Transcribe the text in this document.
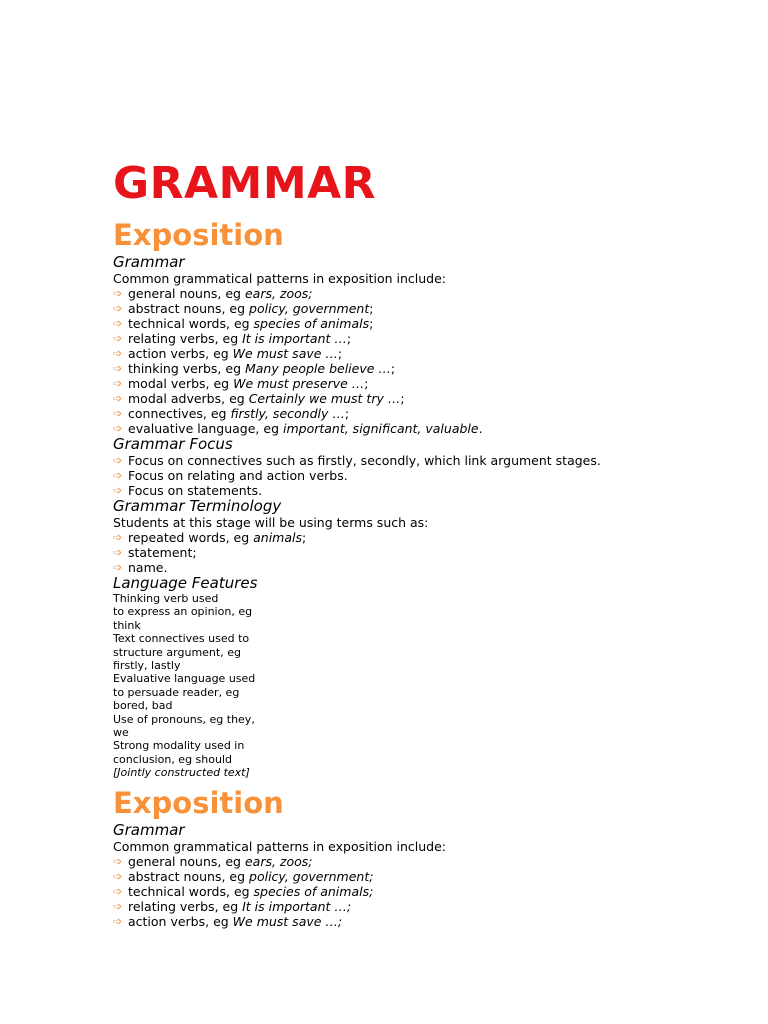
GRAMMAR
Exposition
Grammar

Common grammatical patterns in exposition include:

➩ general nouns, eg ears, zoos;
➩ abstract nouns, eg policy, government;
➩ technical words, eg species of animals;
➩ relating verbs, eg It is important …;
➩ action verbs, eg We must save …;
➩ thinking verbs, eg Many people believe …;
➩ modal verbs, eg We must preserve …;
➩ modal adverbs, eg Certainly we must try …;
➩ connectives, eg firstly, secondly …;
➩ evaluative language, eg important, significant, valuable.
Grammar Focus
➩ Focus on connectives such as firstly, secondly, which link argument stages.
➩ Focus on relating and action verbs.
➩ Focus on statements.
Grammar Terminology

Students at this stage will be using terms such as:

➩ repeated words, eg animals;
➩ statement;
➩ name.
Language Features

Thinking verb used

to express an opinion, eg

think

Text connectives used to

structure argument, eg

firstly, lastly

Evaluative language used

to persuade reader, eg

bored, bad

Use of pronouns, eg they,

we

Strong modality used in

conclusion, eg should

[Jointly constructed text]

Exposition
Grammar

Common grammatical patterns in exposition include:

➩ general nouns, eg ears, zoos;
➩ abstract nouns, eg policy, government;
➩ technical words, eg species of animals;
➩ relating verbs, eg It is important …;
➩ action verbs, eg We must save …;
